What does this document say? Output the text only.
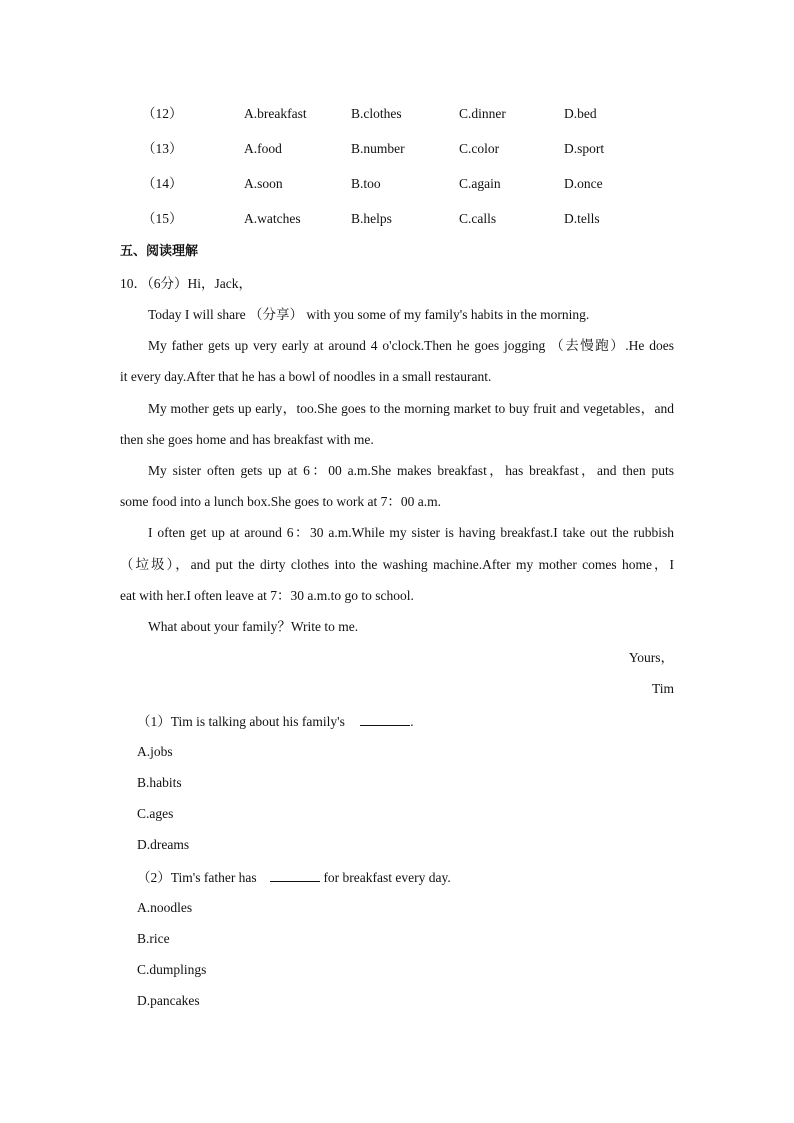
（12）	A.breakfast	B.clothes	C.dinner	D.bed
（13）	A.food	B.number	C.color	D.sport
（14）	A.soon	B.too	C.again	D.once
（15）	A.watches	B.helps	C.calls	D.tells
五、阅读理解
10．（6分）Hi，Jack，
Today I will share （分享） with you some of my family's habits in the morning.
My father gets up very early at around 4 o'clock.Then he goes jogging （去慢跑）.He does
it every day.After that he has a bowl of noodles in a small restaurant.
My mother gets up early，too.She goes to the morning market to buy fruit and vegetables，and
then she goes home and has breakfast with me.
My sister often gets up at 6：00 a.m.She makes breakfast，has breakfast，and then puts
some food into a lunch box.She goes to work at 7：00 a.m.
I often get up at around 6：30 a.m.While my sister is having breakfast.I take out the rubbish
（垃圾），and put the dirty clothes into the washing machine.After my mother comes home，I
eat with her.I often leave at 7：30 a.m.to go to school.
What about your family？Write to me.
Yours，
Tim
（1）Tim is talking about his family's	.
A.jobs
B.habits
C.ages
D.dreams
（2）Tim's father has	for breakfast every day.
A.noodles
B.rice
C.dumplings
D.pancakes
